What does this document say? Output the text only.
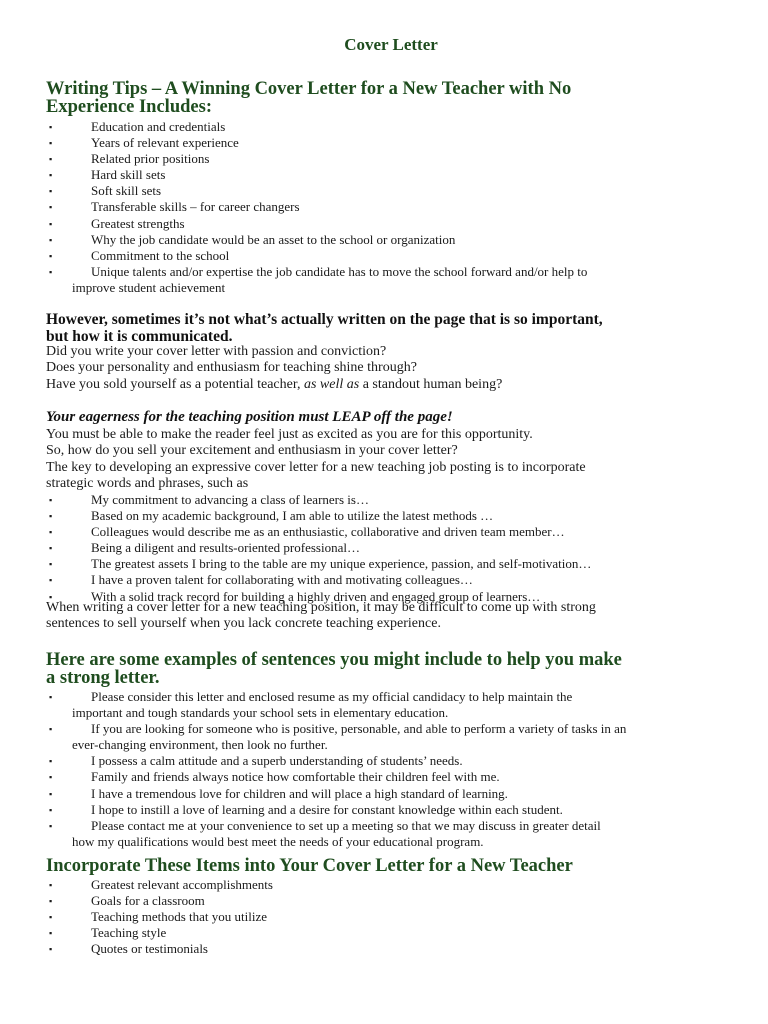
Cover Letter
Writing Tips – A Winning Cover Letter for a New Teacher with No
Experience Includes:
▪	Education and credentials
▪	Years of relevant experience
▪	Related prior positions
▪	Hard skill sets
▪	Soft skill sets
▪	Transferable skills – for career changers
▪	Greatest strengths
▪	Why the job candidate would be an asset to the school or organization
▪	Commitment to the school
▪	Unique talents and/or expertise the job candidate has to move the school forward and/or help to
improve student achievement
However, sometimes it’s not what’s actually written on the page that is so important,
but how it is communicated.
Did you write your cover letter with passion and conviction?
Does your personality and enthusiasm for teaching shine through?
Have you sold yourself as a potential teacher, as well as a standout human being?
Your eagerness for the teaching position must LEAP off the page!
You must be able to make the reader feel just as excited as you are for this opportunity.
So, how do you sell your excitement and enthusiasm in your cover letter?
The key to developing an expressive cover letter for a new teaching job posting is to incorporate
strategic words and phrases, such as
▪	My commitment to advancing a class of learners is…
▪	Based on my academic background, I am able to utilize the latest methods …
▪	Colleagues would describe me as an enthusiastic, collaborative and driven team member…
▪	Being a diligent and results-oriented professional…
▪	The greatest assets I bring to the table are my unique experience, passion, and self-motivation…
▪	I have a proven talent for collaborating with and motivating colleagues…
▪	With a solid track record for building a highly driven and engaged group of learners…
When writing a cover letter for a new teaching position, it may be difficult to come up with strong
sentences to sell yourself when you lack concrete teaching experience.
Here are some examples of sentences you might include to help you make
a strong letter.
▪	Please consider this letter and enclosed resume as my official candidacy to help maintain the
important and tough standards your school sets in elementary education.
▪	If you are looking for someone who is positive, personable, and able to perform a variety of tasks in an
ever-changing environment, then look no further.
▪	I possess a calm attitude and a superb understanding of students’ needs.
▪	Family and friends always notice how comfortable their children feel with me.
▪	I have a tremendous love for children and will place a high standard of learning.
▪	I hope to instill a love of learning and a desire for constant knowledge within each student.
▪	Please contact me at your convenience to set up a meeting so that we may discuss in greater detail
how my qualifications would best meet the needs of your educational program.
Incorporate These Items into Your Cover Letter for a New Teacher
▪	Greatest relevant accomplishments
▪	Goals for a classroom
▪	Teaching methods that you utilize
▪	Teaching style
▪	Quotes or testimonials
